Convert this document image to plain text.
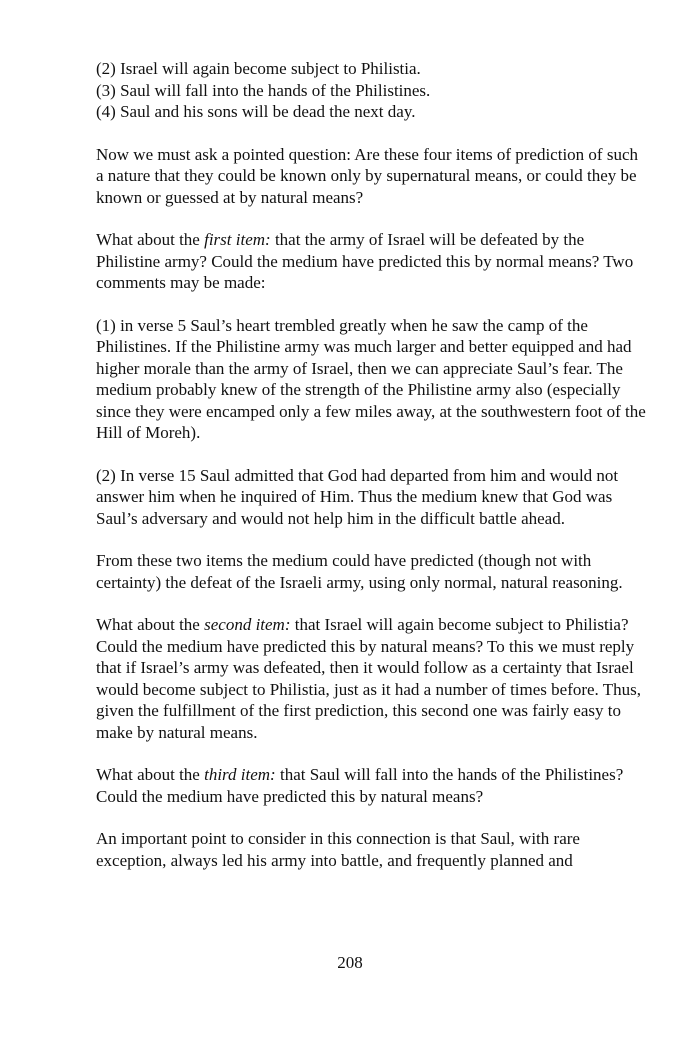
(2) Israel will again become subject to Philistia.
(3) Saul will fall into the hands of the Philistines.
(4) Saul and his sons will be dead the next day.

Now we must ask a pointed question: Are these four items of prediction of such a nature that they could be known only by supernatural means, or could they be known or guessed at by natural means?

What about the first item: that the army of Israel will be defeated by the Philistine army? Could the medium have predicted this by normal means? Two comments may be made:

(1) in verse 5 Saul’s heart trembled greatly when he saw the camp of the Philistines. If the Philistine army was much larger and better equipped and had higher morale than the army of Israel, then we can appreciate Saul’s fear. The medium probably knew of the strength of the Philistine army also (especially since they were encamped only a few miles away, at the southwestern foot of the Hill of Moreh).

(2) In verse 15 Saul admitted that God had departed from him and would not answer him when he inquired of Him. Thus the medium knew that God was Saul’s adversary and would not help him in the difficult battle ahead.

From these two items the medium could have predicted (though not with certainty) the defeat of the Israeli army, using only normal, natural reasoning.

What about the second item: that Israel will again become subject to Philistia? Could the medium have predicted this by natural means? To this we must reply that if Israel’s army was defeated, then it would follow as a certainty that Israel would become subject to Philistia, just as it had a number of times before. Thus, given the fulfillment of the first prediction, this second one was fairly easy to make by natural means.

What about the third item: that Saul will fall into the hands of the Philistines? Could the medium have predicted this by natural means?

An important point to consider in this connection is that Saul, with rare exception, always led his army into battle, and frequently planned and

208
